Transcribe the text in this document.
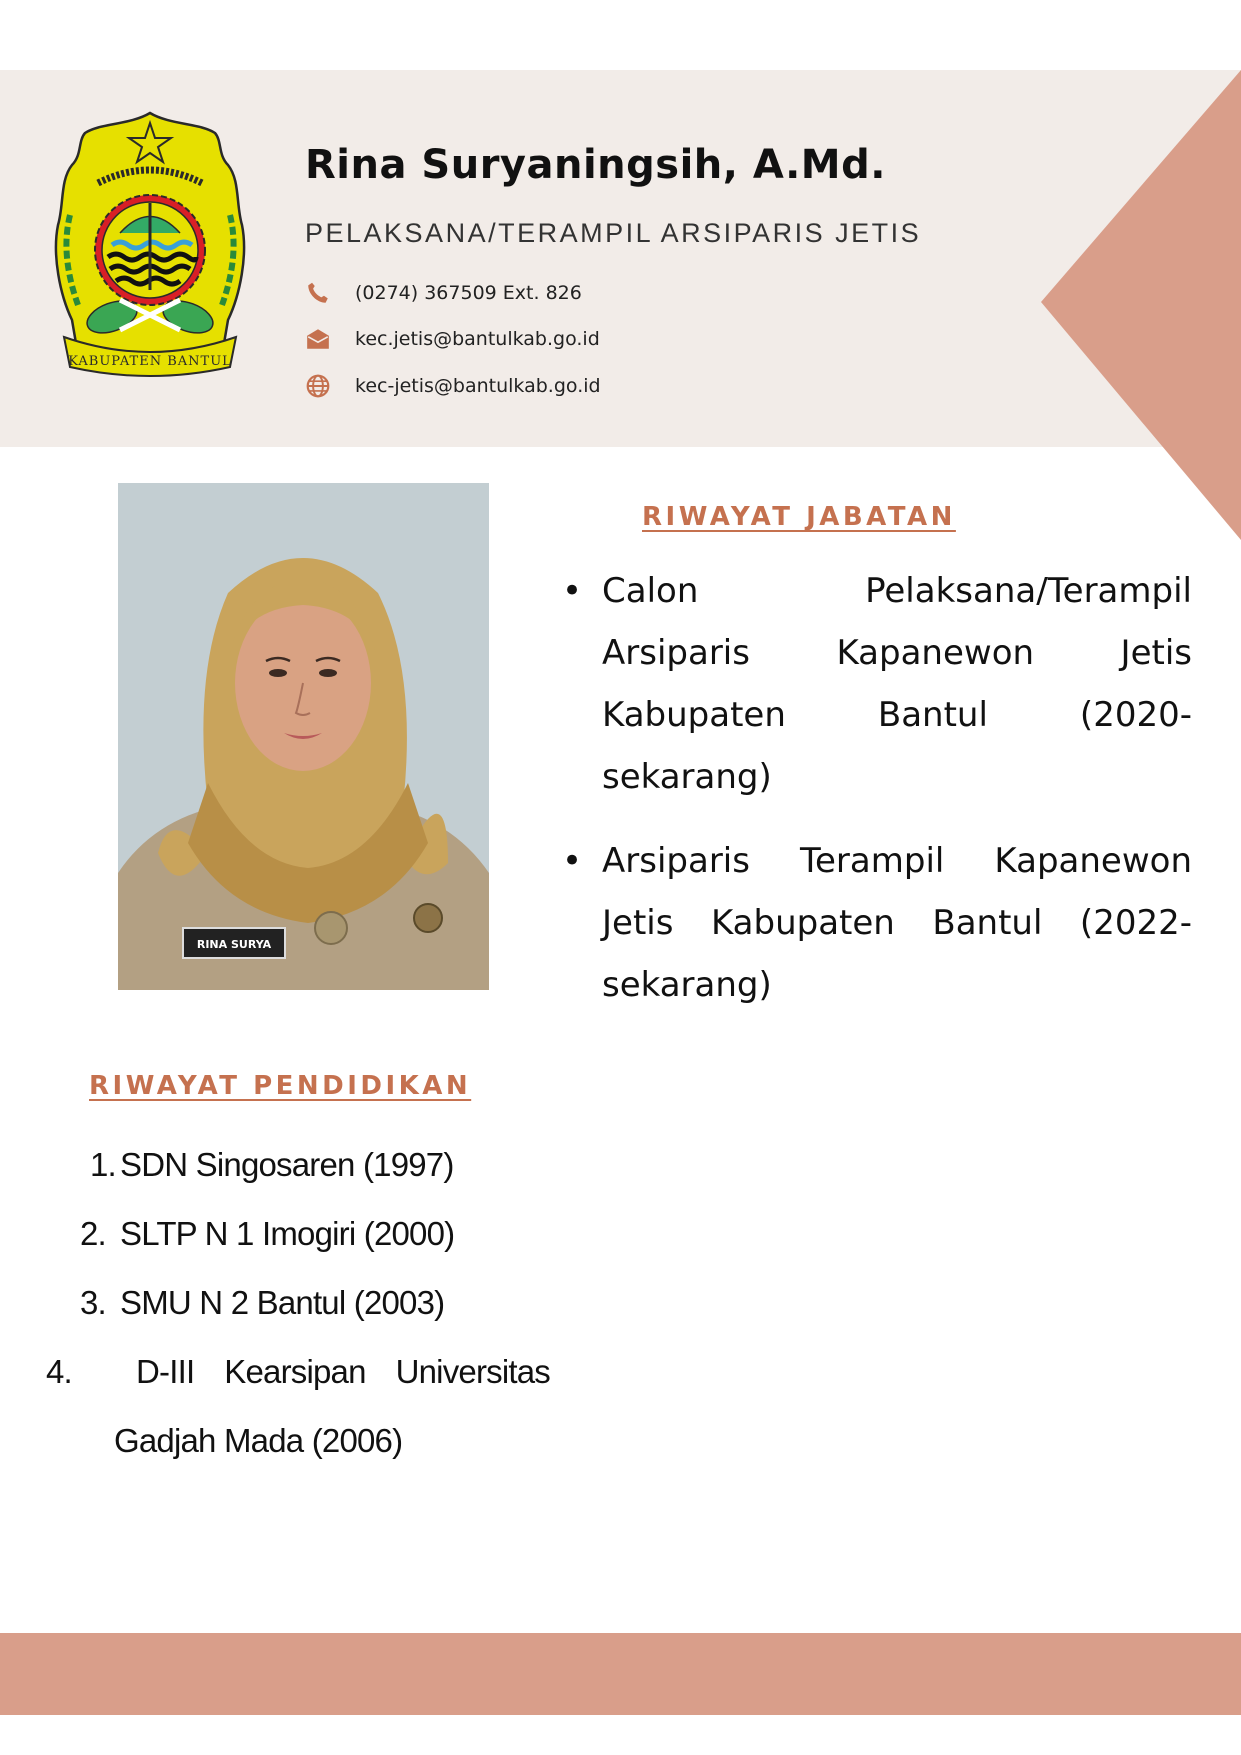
KABUPATEN BANTUL
Rina Suryaningsih, A.Md.
PELAKSANA/TERAMPIL ARSIPARIS JETIS
(0274) 367509 Ext. 826
kec.jetis@bantulkab.go.id
kec-jetis@bantulkab.go.id
RINA SURYA
RIWAYAT JABATAN
• Calon Pelaksana/Terampil Arsiparis Kapanewon Jetis Kabupaten Bantul (2020-sekarang)
• Arsiparis Terampil Kapanewon Jetis Kabupaten Bantul (2022-sekarang)
RIWAYAT PENDIDIKAN
1. SDN Singosaren (1997)
2. SLTP N 1 Imogiri (2000)
3. SMU N 2 Bantul (2003)
4. D-III Kearsipan Universitas Gadjah Mada (2006)
